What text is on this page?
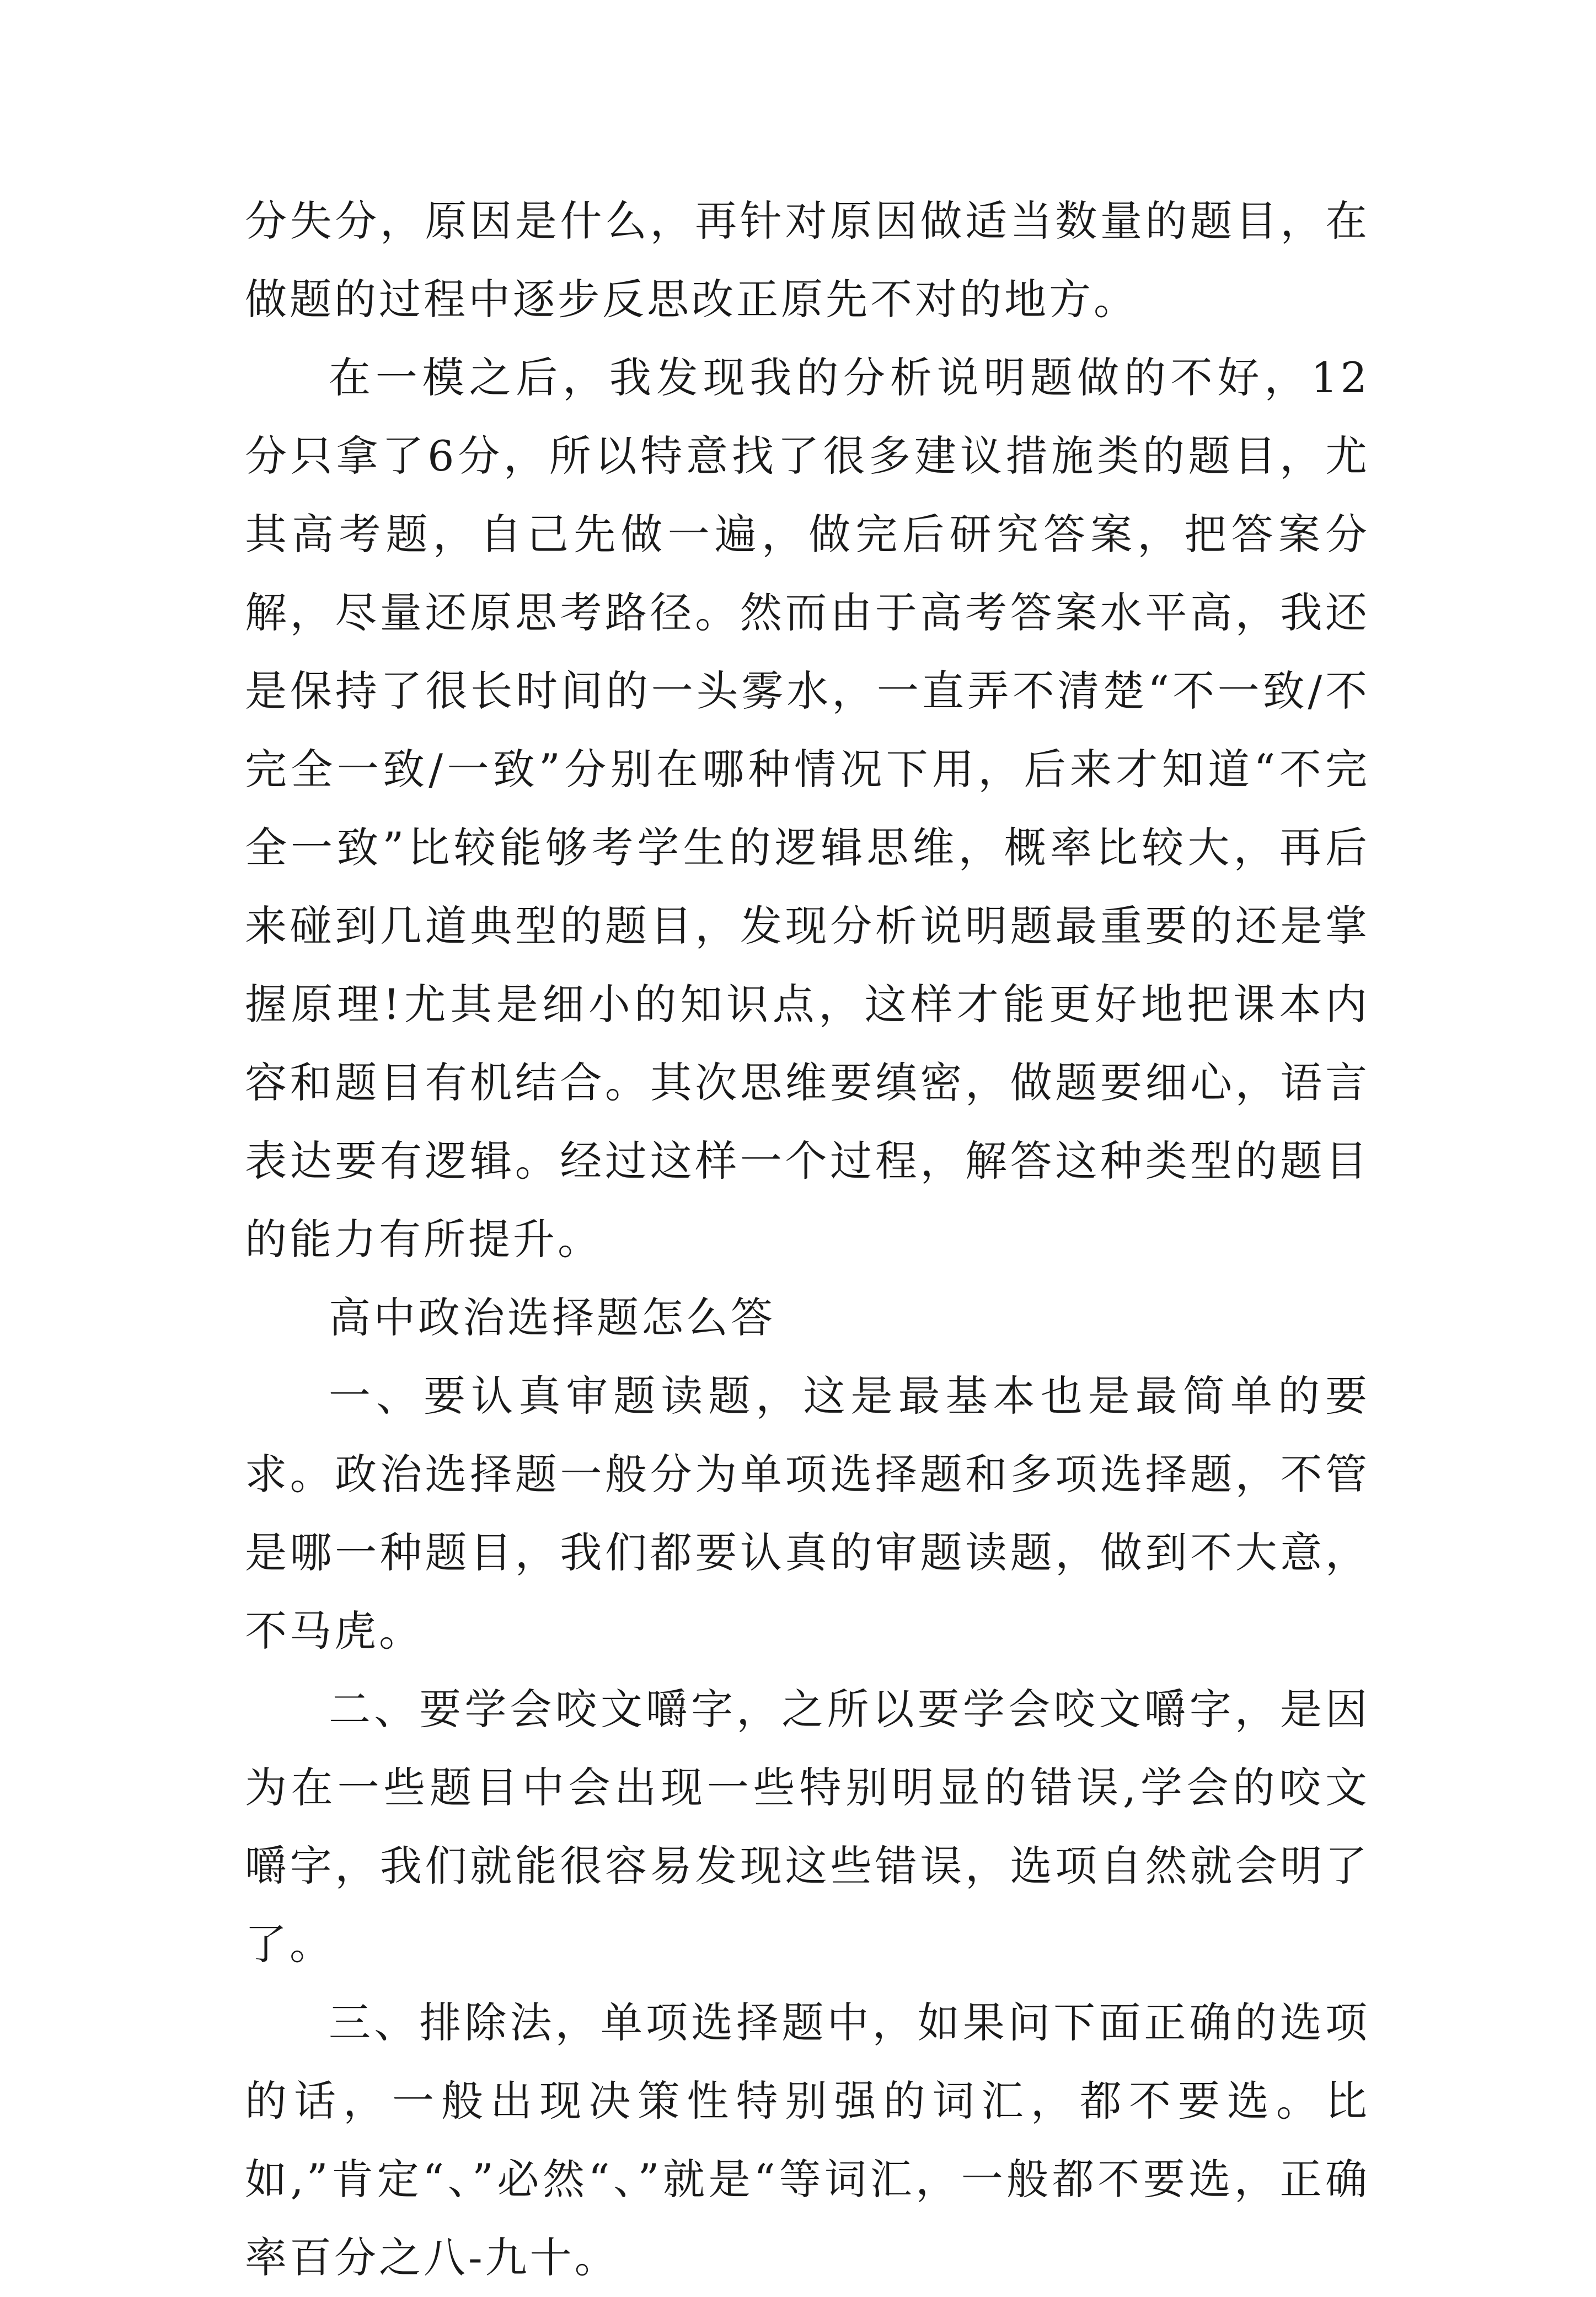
分失分，原因是什么，再针对原因做适当数量的题目，在做题的过程中逐步反思改正原先不对的地方。

在一模之后，我发现我的分析说明题做的不好，12分只拿了6分，所以特意找了很多建议措施类的题目，尤其高考题，自己先做一遍，做完后研究答案，把答案分解，尽量还原思考路径。然而由于高考答案水平高，我还是保持了很长时间的一头雾水，一直弄不清楚“不一致/不完全一致/一致”分别在哪种情况下用，后来才知道“不完全一致”比较能够考学生的逻辑思维，概率比较大，再后来碰到几道典型的题目，发现分析说明题最重要的还是掌握原理!尤其是细小的知识点，这样才能更好地把课本内容和题目有机结合。其次思维要缜密，做题要细心，语言表达要有逻辑。经过这样一个过程，解答这种类型的题目的能力有所提升。

高中政治选择题怎么答

一、要认真审题读题，这是最基本也是最简单的要求。政治选择题一般分为单项选择题和多项选择题，不管是哪一种题目，我们都要认真的审题读题，做到不大意，不马虎。

二、要学会咬文嚼字，之所以要学会咬文嚼字，是因为在一些题目中会出现一些特别明显的错误,学会的咬文嚼字，我们就能很容易发现这些错误，选项自然就会明了了。

三、排除法，单项选择题中，如果问下面正确的选项的话，一般出现决策性特别强的词汇，都不要选。比如,”肯定“、”必然“、”就是“等词汇，一般都不要选，正确率百分之八-九十。
